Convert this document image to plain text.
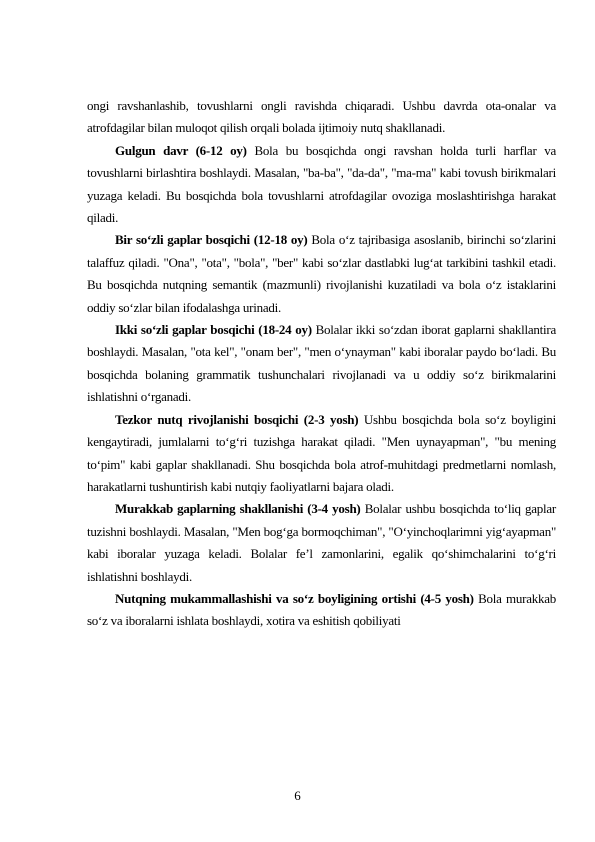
ongi ravshanlashib, tovushlarni ongli ravishda chiqaradi. Ushbu davrda ota-onalar va atrofdagilar bilan muloqot qilish orqali bolada ijtimoiy nutq shakllanadi.

Gulgun davr (6-12 oy) Bola bu bosqichda ongi ravshan holda turli harflar va tovushlarni birlashtira boshlaydi. Masalan, "ba-ba", "da-da", "ma-ma" kabi tovush birikmalari yuzaga keladi. Bu bosqichda bola tovushlarni atrofdagilar ovoziga moslashtirishga harakat qiladi.

Bir so‘zli gaplar bosqichi (12-18 oy) Bola o‘z tajribasiga asoslanib, birinchi so‘zlarini talaffuz qiladi. "Ona", "ota", "bola", "ber" kabi so‘zlar dastlabki lug‘at tarkibini tashkil etadi. Bu bosqichda nutqning semantik (mazmunli) rivojlanishi kuzatiladi va bola o‘z istaklarini oddiy so‘zlar bilan ifodalashga urinadi.

Ikki so‘zli gaplar bosqichi (18-24 oy) Bolalar ikki so‘zdan iborat gaplarni shakllantira boshlaydi. Masalan, "ota kel", "onam ber", "men o‘ynayman" kabi iboralar paydo bo‘ladi. Bu bosqichda bolaning grammatik tushunchalari rivojlanadi va u oddiy so‘z birikmalarini ishlatishni o‘rganadi.

Tezkor nutq rivojlanishi bosqichi (2-3 yosh) Ushbu bosqichda bola so‘z boyligini kengaytiradi, jumlalarni to‘g‘ri tuzishga harakat qiladi. "Men uynayapman", "bu mening to‘pim" kabi gaplar shakllanadi. Shu bosqichda bola atrof-muhitdagi predmetlarni nomlash, harakatlarni tushuntirish kabi nutqiy faoliyatlarni bajara oladi.

Murakkab gaplarning shakllanishi (3-4 yosh) Bolalar ushbu bosqichda to‘liq gaplar tuzishni boshlaydi. Masalan, "Men bog‘ga bormoqchiman", "O‘yinchoqlarimni yig‘ayapman" kabi iboralar yuzaga keladi. Bolalar fe’l zamonlarini, egalik qo‘shimchalarini to‘g‘ri ishlatishni boshlaydi.

Nutqning mukammallashishi va so‘z boyligining ortishi (4-5 yosh) Bola murakkab so‘z va iboralarni ishlata boshlaydi, xotira va eshitish qobiliyati

6
